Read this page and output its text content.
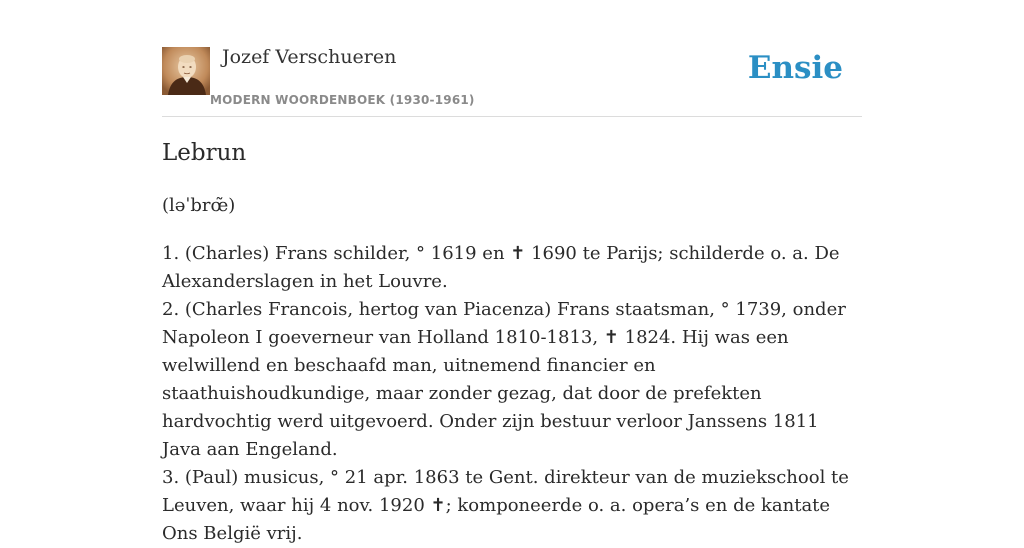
Jozef Verschueren
MODERN WOORDENBOEK (1930-1961)
Ensie
Lebrun
(ləˈbrœ̃)

1. (Charles) Frans schilder, ° 1619 en ✝ 1690 te Parijs; schilderde o. a. De Alexanderslagen in het Louvre.

2. (Charles Francois, hertog van Piacenza) Frans staatsman, ° 1739, onder Napoleon I goeverneur van Holland 1810-1813, ✝ 1824. Hij was een welwillend en beschaafd man, uitnemend financier en staathuishoudkundige, maar zonder gezag, dat door de prefekten hardvochtig werd uitgevoerd. Onder zijn bestuur verloor Janssens 1811 Java aan Engeland.

3. (Paul) musicus, ° 21 apr. 1863 te Gent. direkteur van de muziekschool te Leuven, waar hij 4 nov. 1920 ✝; komponeerde o. a. opera’s en de kantate Ons België vrij.
